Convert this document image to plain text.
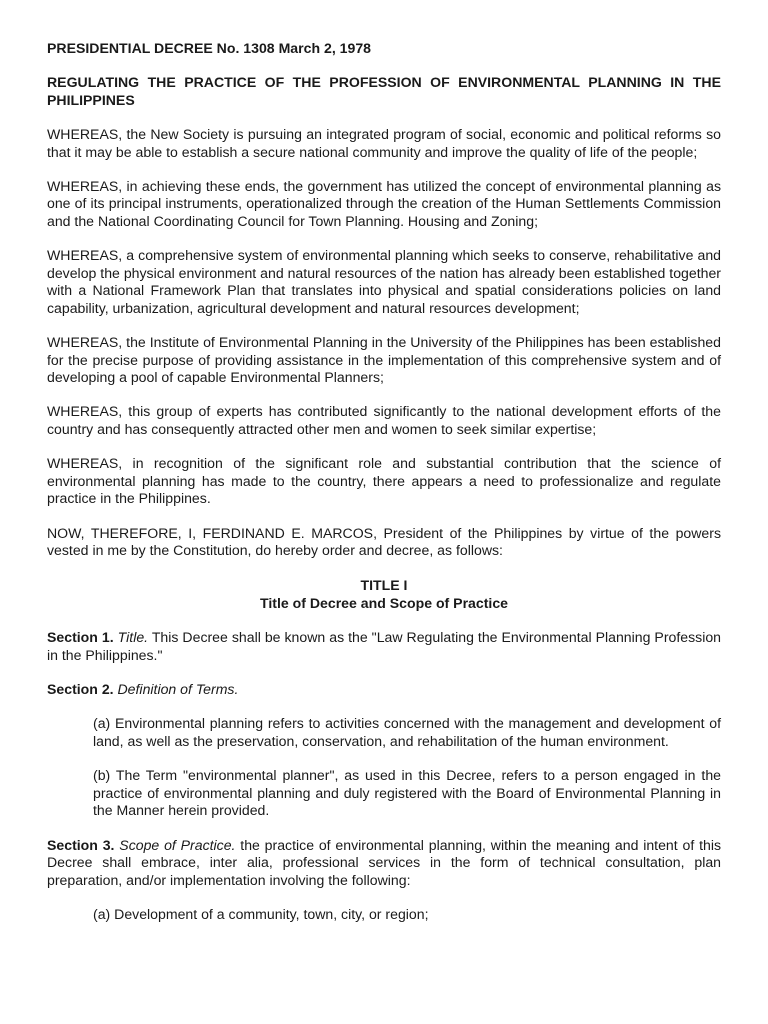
PRESIDENTIAL DECREE No. 1308 March 2, 1978

REGULATING THE PRACTICE OF THE PROFESSION OF ENVIRONMENTAL PLANNING IN THE PHILIPPINES

WHEREAS, the New Society is pursuing an integrated program of social, economic and political reforms so that it may be able to establish a secure national community and improve the quality of life of the people;

WHEREAS, in achieving these ends, the government has utilized the concept of environmental planning as one of its principal instruments, operationalized through the creation of the Human Settlements Commission and the National Coordinating Council for Town Planning. Housing and Zoning;

WHEREAS, a comprehensive system of environmental planning which seeks to conserve, rehabilitative and develop the physical environment and natural resources of the nation has already been established together with a National Framework Plan that translates into physical and spatial considerations policies on land capability, urbanization, agricultural development and natural resources development;

WHEREAS, the Institute of Environmental Planning in the University of the Philippines has been established for the precise purpose of providing assistance in the implementation of this comprehensive system and of developing a pool of capable Environmental Planners;

WHEREAS, this group of experts has contributed significantly to the national development efforts of the country and has consequently attracted other men and women to seek similar expertise;

WHEREAS, in recognition of the significant role and substantial contribution that the science of environmental planning has made to the country, there appears a need to professionalize and regulate practice in the Philippines.

NOW, THEREFORE, I, FERDINAND E. MARCOS, President of the Philippines by virtue of the powers vested in me by the Constitution, do hereby order and decree, as follows:

TITLE I
Title of Decree and Scope of Practice

Section 1. Title. This Decree shall be known as the "Law Regulating the Environmental Planning Profession in the Philippines."

Section 2. Definition of Terms.

(a) Environmental planning refers to activities concerned with the management and development of land, as well as the preservation, conservation, and rehabilitation of the human environment.

(b) The Term "environmental planner", as used in this Decree, refers to a person engaged in the practice of environmental planning and duly registered with the Board of Environmental Planning in the Manner herein provided.

Section 3. Scope of Practice. the practice of environmental planning, within the meaning and intent of this Decree shall embrace, inter alia, professional services in the form of technical consultation, plan preparation, and/or implementation involving the following:

(a) Development of a community, town, city, or region;
